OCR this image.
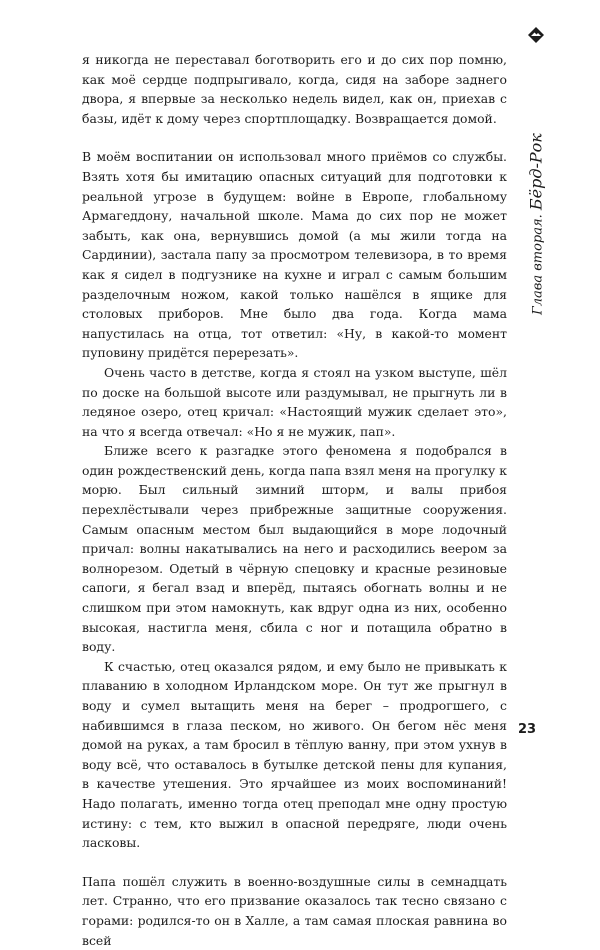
Глава вторая. Бёрд-Рок

я никогда не переставал боготворить его и до сих пор помню, как моё сердце подпрыгивало, когда, сидя на заборе заднего двора, я впервые за несколько недель видел, как он, приехав с базы, идёт к дому через спортплощадку. Возвращается домой.

В моём воспитании он использовал много приёмов со службы. Взять хотя бы имитацию опасных ситуаций для подготовки к реальной угрозе в будущем: войне в Европе, глобальному Армагеддону, начальной школе. Мама до сих пор не может забыть, как она, вернувшись домой (а мы жили тогда на Сардинии), застала папу за просмотром телевизора, в то время как я сидел в подгузнике на кухне и играл с самым большим разделочным ножом, какой только нашёлся в ящике для столовых приборов. Мне было два года. Когда мама напустилась на отца, тот ответил: «Ну, в какой-то момент пуповину придётся перерезать».

Очень часто в детстве, когда я стоял на узком выступе, шёл по доске на большой высоте или раздумывал, не прыгнуть ли в ледяное озеро, отец кричал: «Настоящий мужик сделает это», на что я всегда отвечал: «Но я не мужик, пап».

Ближе всего к разгадке этого феномена я подобрался в один рождественский день, когда папа взял меня на прогулку к морю. Был сильный зимний шторм, и валы прибоя перехлёстывали через прибрежные защитные сооружения. Самым опасным местом был выдающийся в море лодочный причал: волны накатывались на него и расходились веером за волнорезом. Одетый в чёрную спецовку и красные резиновые сапоги, я бегал взад и вперёд, пытаясь обогнать волны и не слишком при этом намокнуть, как вдруг одна из них, особенно высокая, настигла меня, сбила с ног и потащила обратно в воду.

К счастью, отец оказался рядом, и ему было не привыкать к плаванию в холодном Ирландском море. Он тут же прыгнул в воду и сумел вытащить меня на берег – продрогшего, с набившимся в глаза песком, но живого. Он бегом нёс меня домой на руках, а там бросил в тёплую ванну, при этом ухнув в воду всё, что оставалось в бутылке детской пены для купания, в качестве утешения. Это ярчайшее из моих воспоминаний! Надо полагать, именно тогда отец преподал мне одну простую истину: с тем, кто выжил в опасной передряге, люди очень ласковы.

Папа пошёл служить в военно-воздушные силы в семнадцать лет. Странно, что его призвание оказалось так тесно связано с горами: родился-то он в Халле, а там самая плоская равнина во всей

23
